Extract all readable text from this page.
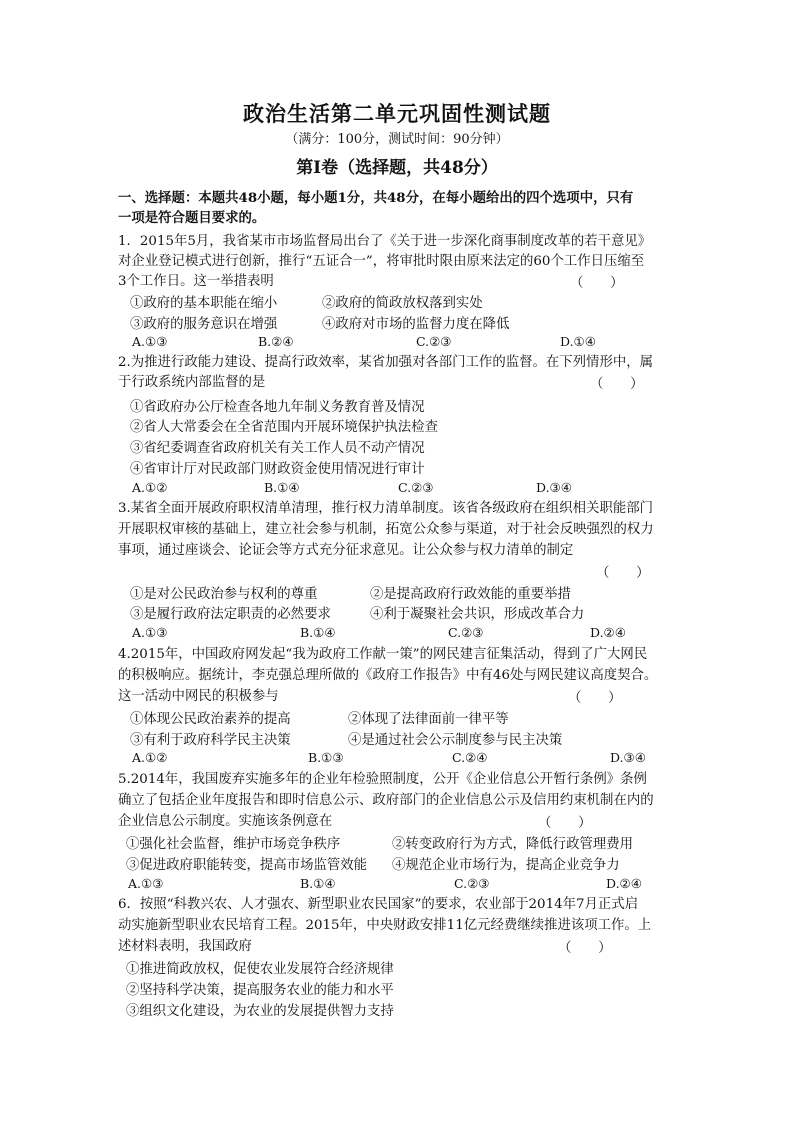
政治生活第二单元巩固性测试题
（满分：100分，测试时间：90分钟）
第Ⅰ卷（选择题，共48分）
一、选择题：本题共48小题，每小题1分，共48分，在每小题给出的四个选项中，只有
一项是符合题目要求的。
1．2015年5月，我省某市市场监督局出台了《关于进一步深化商事制度改革的若干意见》
对企业登记模式进行创新，推行“五证合一”，将审批时限由原来法定的60个工作日压缩至
3个工作日。这一举措表明	（　　）
①政府的基本职能在缩小	②政府的简政放权落到实处
③政府的服务意识在增强	④政府对市场的监督力度在降低
A.①③	B.②④	C.②③	D.①④
2.为推进行政能力建设、提高行政效率，某省加强对各部门工作的监督。在下列情形中，属
于行政系统内部监督的是	（　　）
①省政府办公厅检查各地九年制义务教育普及情况
②省人大常委会在全省范围内开展环境保护执法检查
③省纪委调查省政府机关有关工作人员不动产情况
④省审计厅对民政部门财政资金使用情况进行审计
A.①②	B.①④	C.②③	D.③④
3.某省全面开展政府职权清单清理，推行权力清单制度。该省各级政府在组织相关职能部门
开展职权审核的基础上，建立社会参与机制，拓宽公众参与渠道，对于社会反映强烈的权力
事项，通过座谈会、论证会等方式充分征求意见。让公众参与权力清单的制定
（　　）
①是对公民政治参与权利的尊重	②是提高政府行政效能的重要举措
③是履行政府法定职责的必然要求	④利于凝聚社会共识，形成改革合力
A.①③	B.①④	C.②③	D.②④
4.2015年，中国政府网发起“我为政府工作献一策”的网民建言征集活动，得到了广大网民
的积极响应。据统计，李克强总理所做的《政府工作报告》中有46处与网民建议高度契合。
这一活动中网民的积极参与	（　　）
①体现公民政治素养的提高	②体现了法律面前一律平等
③有利于政府科学民主决策	④是通过社会公示制度参与民主决策
A.①②	B.①③	C.②④	D.③④
5.2014年，我国废弃实施多年的企业年检验照制度，公开《企业信息公开暂行条例》条例
确立了包括企业年度报告和即时信息公示、政府部门的企业信息公示及信用约束机制在内的
企业信息公示制度。实施该条例意在	（　　）
①强化社会监督，维护市场竞争秩序	②转变政府行为方式，降低行政管理费用
③促进政府职能转变，提高市场监管效能 ④规范企业市场行为，提高企业竞争力
A.①③	B.①④	C.②③	D.②④
6．按照“科教兴农、人才强农、新型职业农民国家”的要求，农业部于2014年7月正式启
动实施新型职业农民培育工程。2015年，中央财政安排11亿元经费继续推进该项工作。上
述材料表明，我国政府	（　　）
①推进简政放权，促使农业发展符合经济规律
②坚持科学决策，提高服务农业的能力和水平
③组织文化建设，为农业的发展提供智力支持
